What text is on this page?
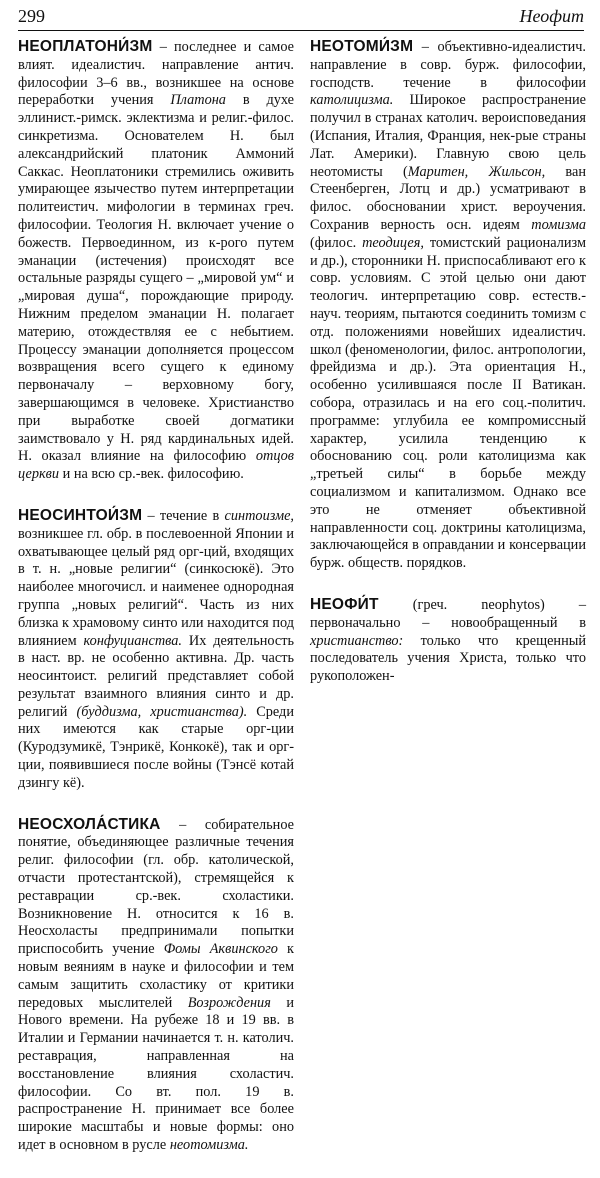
299	Неофит

НЕОПЛАТОНИ́ЗМ – последнее и самое влият. идеалистич. направление антич. философии 3–6 вв., возникшее на основе переработки учения Платона в духе эллинист.-римск. эклектизма и религ.-филос. синкретизма. Основателем Н. был александрийский платоник Аммоний Саккас. Неоплатоники стремились оживить умирающее язычество путем интерпретации политеистич. мифологии в терминах греч. философии. Теология Н. включает учение о божеств. Первоединном, из к-рого путем эманации (истечения) происходят все остальные разряды сущего – „мировой ум“ и „мировая душа“, порождающие природу. Нижним пределом эманации Н. полагает материю, отождествляя ее с небытием. Процессу эманации дополняется процессом возвращения всего сущего к единому первоначалу – верховному богу, завершающимся в человеке. Христианство при выработке своей догматики заимствовало у Н. ряд кардинальных идей. Н. оказал влияние на философию отцов церкви и на всю ср.-век. философию.

НЕОСИНТОИ́ЗМ – течение в синтоизме, возникшее гл. обр. в послевоенной Японии и охватывающее целый ряд орг-ций, входящих в т. н. „новые религии“ (синкосюкё). Это наиболее многочисл. и наименее однородная группа „новых религий“. Часть из них близка к храмовому синто или находится под влиянием конфуцианства. Их деятельность в наст. вр. не особенно активна. Др. часть неосинтоист. религий представляет собой результат взаимного влияния синто и др. религий (буддизма, христианства). Среди них имеются как старые орг-ции (Куродзумикё, Тэнрикё, Конкокё), так и орг-ции, появившиеся после войны (Тэнсё котай дзингу кё).

НЕОСХОЛА́СТИКА – собирательное понятие, объединяющее различные течения религ. философии (гл. обр. католической, отчасти протестантской), стремящейся к реставрации ср.-век. схоластики. Возникновение Н. относится к 16 в. Неосхоласты предпринимали попытки приспособить учение Фомы Аквинского к новым веяниям в науке и философии и тем самым защитить схоластику от критики передовых мыслителей Возрождения и Нового времени. На рубеже 18 и 19 вв. в Италии и Германии начинается т. н. католич. реставрация, направленная на восстановление влияния схоластич. философии. Со вт. пол. 19 в. распространение Н. принимает все более широкие масштабы и новые формы: оно идет в основном в русле неотомизма.

НЕОТОМИ́ЗМ – объективно-идеалистич. направление в совр. бурж. философии, господств. течение в философии католицизма. Широкое распространение получил в странах католич. вероисповедания (Испания, Италия, Франция, нек-рые страны Лат. Америки). Главную свою цель неотомисты (Маритен, Жильсон, ван Стеенберген, Лотц и др.) усматривают в филос. обосновании христ. вероучения. Сохранив верность осн. идеям томизма (филос. теодицея, томистский рационализм и др.), сторонники Н. приспосабливают его к совр. условиям. С этой целью они дают теологич. интерпретацию совр. естеств.-науч. теориям, пытаются соединить томизм с отд. положениями новейших идеалистич. школ (феноменологии, филос. антропологии, фрейдизма и др.). Эта ориентация Н., особенно усилившаяся после II Ватикан. собора, отразилась и на его соц.-политич. программе: углубила ее компромиссный характер, усилила тенденцию к обоснованию соц. роли католицизма как „третьей силы“ в борьбе между социализмом и капитализмом. Однако все это не отменяет объективной направленности соц. доктрины католицизма, заключающейся в оправдании и консервации бурж. обществ. порядков.

НЕОФИ́Т (греч. neophytos) – первоначально – новообращенный в христианство: только что крещенный последователь учения Христа, только что рукоположен-
